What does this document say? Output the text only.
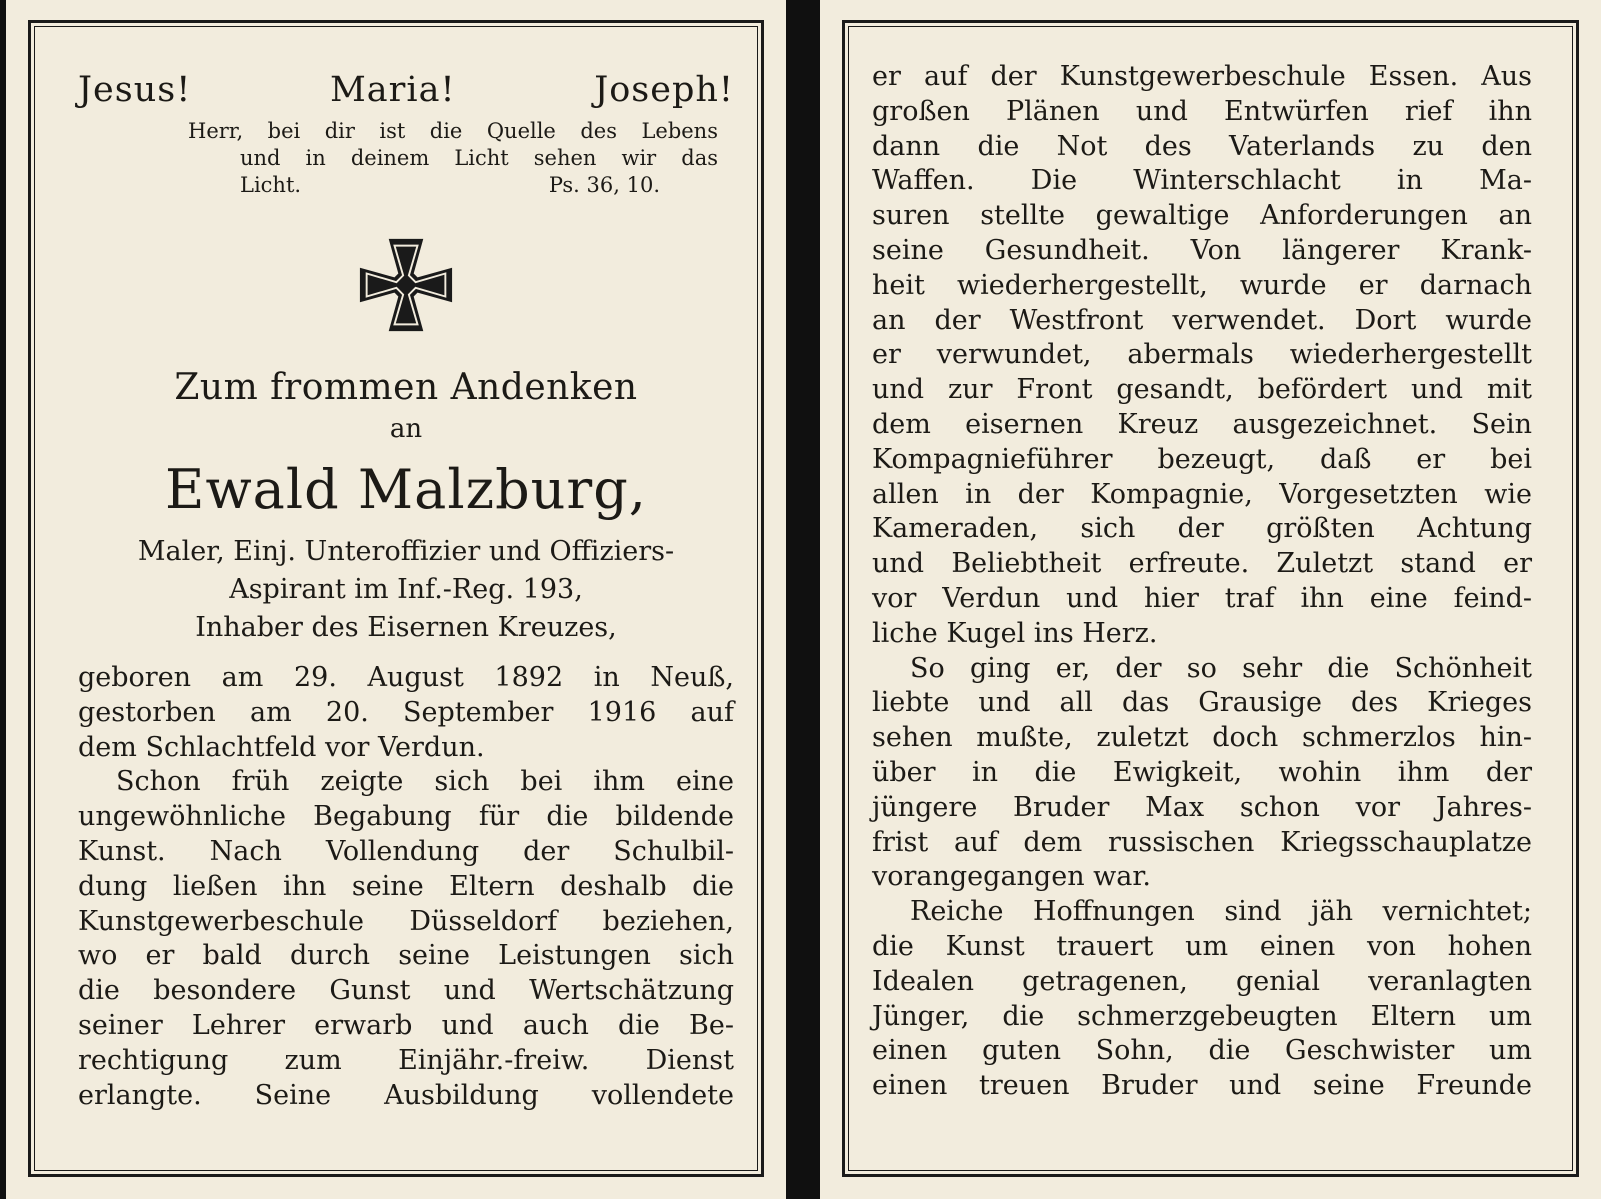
Jesus!	Maria!	Joseph!
Herr, bei dir ist die Quelle des Lebens
und in deinem Licht sehen wir das
Licht.	Ps. 36, 10.
Zum frommen Andenken
an
Ewald Malzburg,
Maler, Einj. Unteroffizier und Offiziers-
Aspirant im Inf.-Reg. 193,
Inhaber des Eisernen Kreuzes,
geboren am 29. August 1892 in Neuß,
gestorben am 20. September 1916 auf
dem Schlachtfeld vor Verdun.
Schon früh zeigte sich bei ihm eine
ungewöhnliche Begabung für die bildende
Kunst. Nach Vollendung der Schulbil-
dung ließen ihn seine Eltern deshalb die
Kunstgewerbeschule Düsseldorf beziehen,
wo er bald durch seine Leistungen sich
die besondere Gunst und Wertschätzung
seiner Lehrer erwarb und auch die Be-
rechtigung zum Einjähr.-freiw. Dienst
erlangte. Seine Ausbildung vollendete
er auf der Kunstgewerbeschule Essen. Aus
großen Plänen und Entwürfen rief ihn
dann die Not des Vaterlands zu den
Waffen. Die Winterschlacht in Ma-
suren stellte gewaltige Anforderungen an
seine Gesundheit. Von längerer Krank-
heit wiederhergestellt, wurde er darnach
an der Westfront verwendet. Dort wurde
er verwundet, abermals wiederhergestellt
und zur Front gesandt, befördert und mit
dem eisernen Kreuz ausgezeichnet. Sein
Kompagnieführer bezeugt, daß er bei
allen in der Kompagnie, Vorgesetzten wie
Kameraden, sich der größten Achtung
und Beliebtheit erfreute. Zuletzt stand er
vor Verdun und hier traf ihn eine feind-
liche Kugel ins Herz.
So ging er, der so sehr die Schönheit
liebte und all das Grausige des Krieges
sehen mußte, zuletzt doch schmerzlos hin-
über in die Ewigkeit, wohin ihm der
jüngere Bruder Max schon vor Jahres-
frist auf dem russischen Kriegsschauplatze
vorangegangen war.
Reiche Hoffnungen sind jäh vernichtet;
die Kunst trauert um einen von hohen
Idealen getragenen, genial veranlagten
Jünger, die schmerzgebeugten Eltern um
einen guten Sohn, die Geschwister um
einen treuen Bruder und seine Freunde
